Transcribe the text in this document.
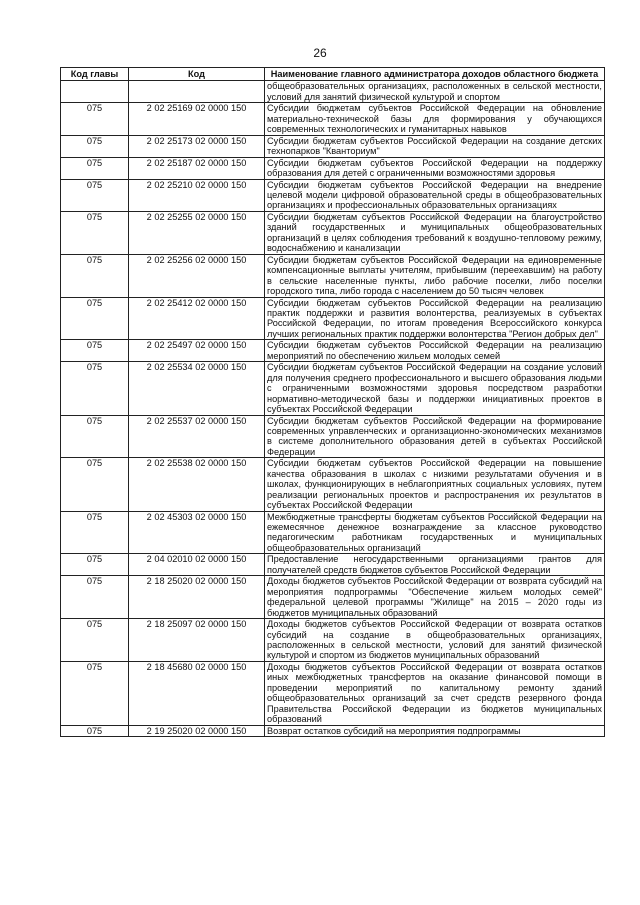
26
Код главы	Код	Наименование главного администратора доходов областного бюджета
		общеобразовательных организациях, расположенных в сельской местности, условий для занятий физической культурой и спортом
075	2 02 25169 02 0000 150	Субсидии бюджетам субъектов Российской Федерации на обновление материально-технической базы для формирования у обучающихся современных технологических и гуманитарных навыков
075	2 02 25173 02 0000 150	Субсидии бюджетам субъектов Российской Федерации на создание детских технопарков "Кванториум"
075	2 02 25187 02 0000 150	Субсидии бюджетам субъектов Российской Федерации на поддержку образования для детей с ограниченными возможностями здоровья
075	2 02 25210 02 0000 150	Субсидии бюджетам субъектов Российской Федерации на внедрение целевой модели цифровой образовательной среды в общеобразовательных организациях и профессиональных образовательных организациях
075	2 02 25255 02 0000 150	Субсидии бюджетам субъектов Российской Федерации на благоустройство зданий государственных и муниципальных общеобразовательных организаций в целях соблюдения требований к воздушно-тепловому режиму, водоснабжению и канализации
075	2 02 25256 02 0000 150	Субсидии бюджетам субъектов Российской Федерации на единовременные компенсационные выплаты учителям, прибывшим (переехавшим) на работу в сельские населенные пункты, либо рабочие поселки, либо поселки городского типа, либо города с населением до 50 тысяч человек
075	2 02 25412 02 0000 150	Субсидии бюджетам субъектов Российской Федерации на реализацию практик поддержки и развития волонтерства, реализуемых в субъектах Российской Федерации, по итогам проведения Всероссийского конкурса лучших региональных практик поддержки волонтерства "Регион добрых дел"
075	2 02 25497 02 0000 150	Субсидии бюджетам субъектов Российской Федерации на реализацию мероприятий по обеспечению жильем молодых семей
075	2 02 25534 02 0000 150	Субсидии бюджетам субъектов Российской Федерации на создание условий для получения среднего профессионального и высшего образования людьми с ограниченными возможностями здоровья посредством разработки нормативно-методической базы и поддержки инициативных проектов в субъектах Российской Федерации
075	2 02 25537 02 0000 150	Субсидии бюджетам субъектов Российской Федерации на формирование современных управленческих и организационно-экономических механизмов в системе дополнительного образования детей в субъектах Российской Федерации
075	2 02 25538 02 0000 150	Субсидии бюджетам субъектов Российской Федерации на повышение качества образования в школах с низкими результатами обучения и в школах, функционирующих в неблагоприятных социальных условиях, путем реализации региональных проектов и распространения их результатов в субъектах Российской Федерации
075	2 02 45303 02 0000 150	Межбюджетные трансферты бюджетам субъектов Российской Федерации на ежемесячное денежное вознаграждение за классное руководство педагогическим работникам государственных и муниципальных общеобразовательных организаций
075	2 04 02010 02 0000 150	Предоставление негосударственными организациями грантов для получателей средств бюджетов субъектов Российской Федерации
075	2 18 25020 02 0000 150	Доходы бюджетов субъектов Российской Федерации от возврата субсидий на мероприятия подпрограммы "Обеспечение жильем молодых семей" федеральной целевой программы "Жилище" на 2015 – 2020 годы из бюджетов муниципальных образований
075	2 18 25097 02 0000 150	Доходы бюджетов субъектов Российской Федерации от возврата остатков субсидий на создание в общеобразовательных организациях, расположенных в сельской местности, условий для занятий физической культурой и спортом из бюджетов муниципальных образований
075	2 18 45680 02 0000 150	Доходы бюджетов субъектов Российской Федерации от возврата остатков иных межбюджетных трансфертов на оказание финансовой помощи в проведении мероприятий по капитальному ремонту зданий общеобразовательных организаций за счет средств резервного фонда Правительства Российской Федерации из бюджетов муниципальных образований
075	2 19 25020 02 0000 150	Возврат остатков субсидий на мероприятия подпрограммы
